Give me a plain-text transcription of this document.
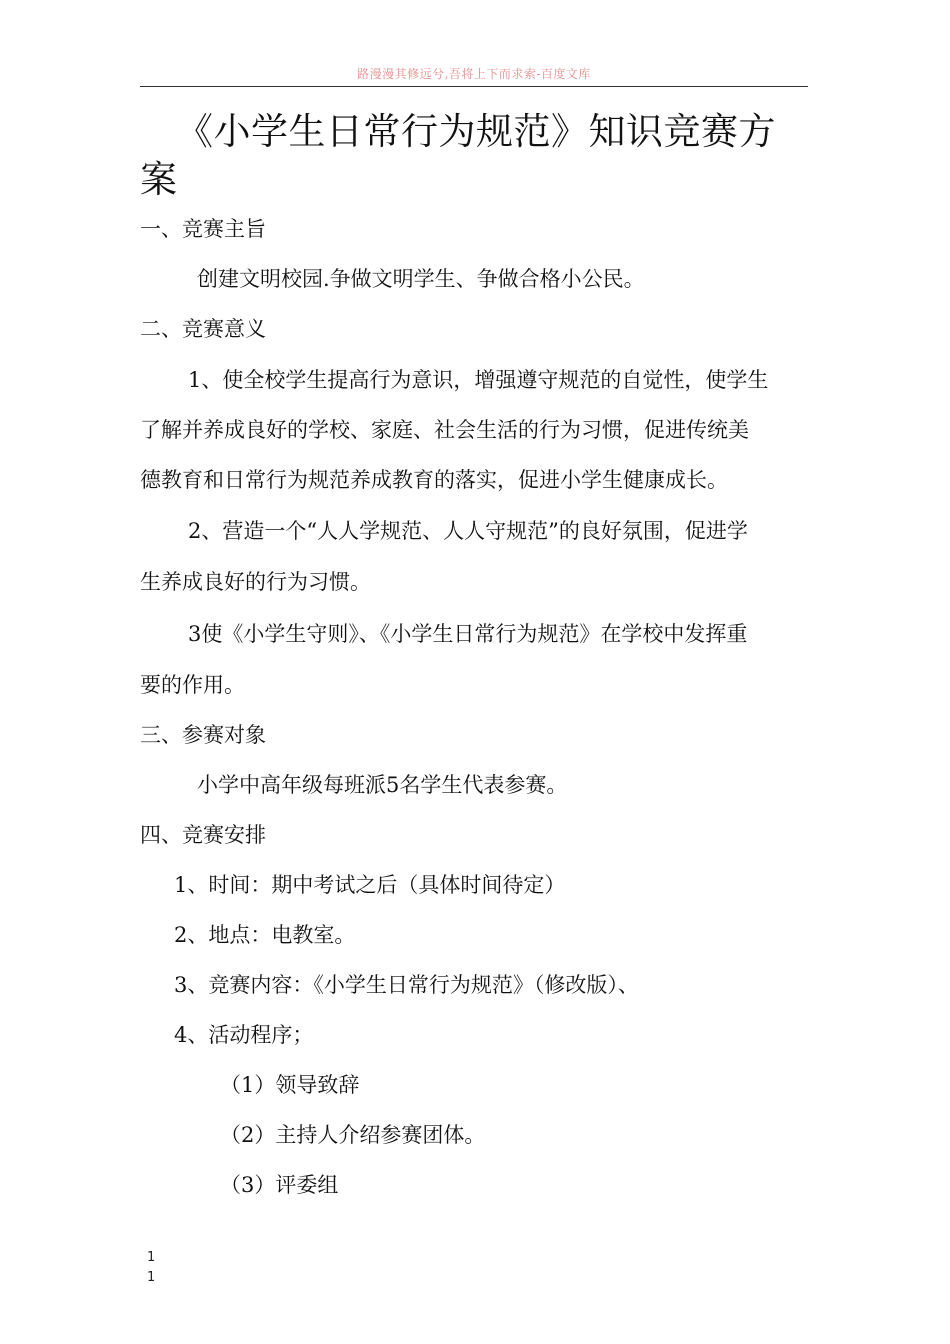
路漫漫其修远兮,吾将上下而求索-百度文库
《小学生日常行为规范》知识竞赛方案

一、竞赛主旨

创建文明校园.争做文明学生、争做合格小公民。

二、竞赛意义

1、使全校学生提高行为意识，增强遵守规范的自觉性，使学生

了解并养成良好的学校、家庭、社会生活的行为习惯，促进传统美

德教育和日常行为规范养成教育的落实，促进小学生健康成长。

2、营造一个“人人学规范、人人守规范”的良好氛围，促进学

生养成良好的行为习惯。

3使《小学生守则》、《小学生日常行为规范》在学校中发挥重

要的作用。

三、参赛对象

小学中高年级每班派5名学生代表参赛。

四、竞赛安排

1、时间：期中考试之后（具体时间待定）

2、地点：电教室。

3、竞赛内容：《小学生日常行为规范》（修改版）、

4、活动程序；

（1）领导致辞

（2）主持人介绍参赛团体。

（3）评委组

1
1
